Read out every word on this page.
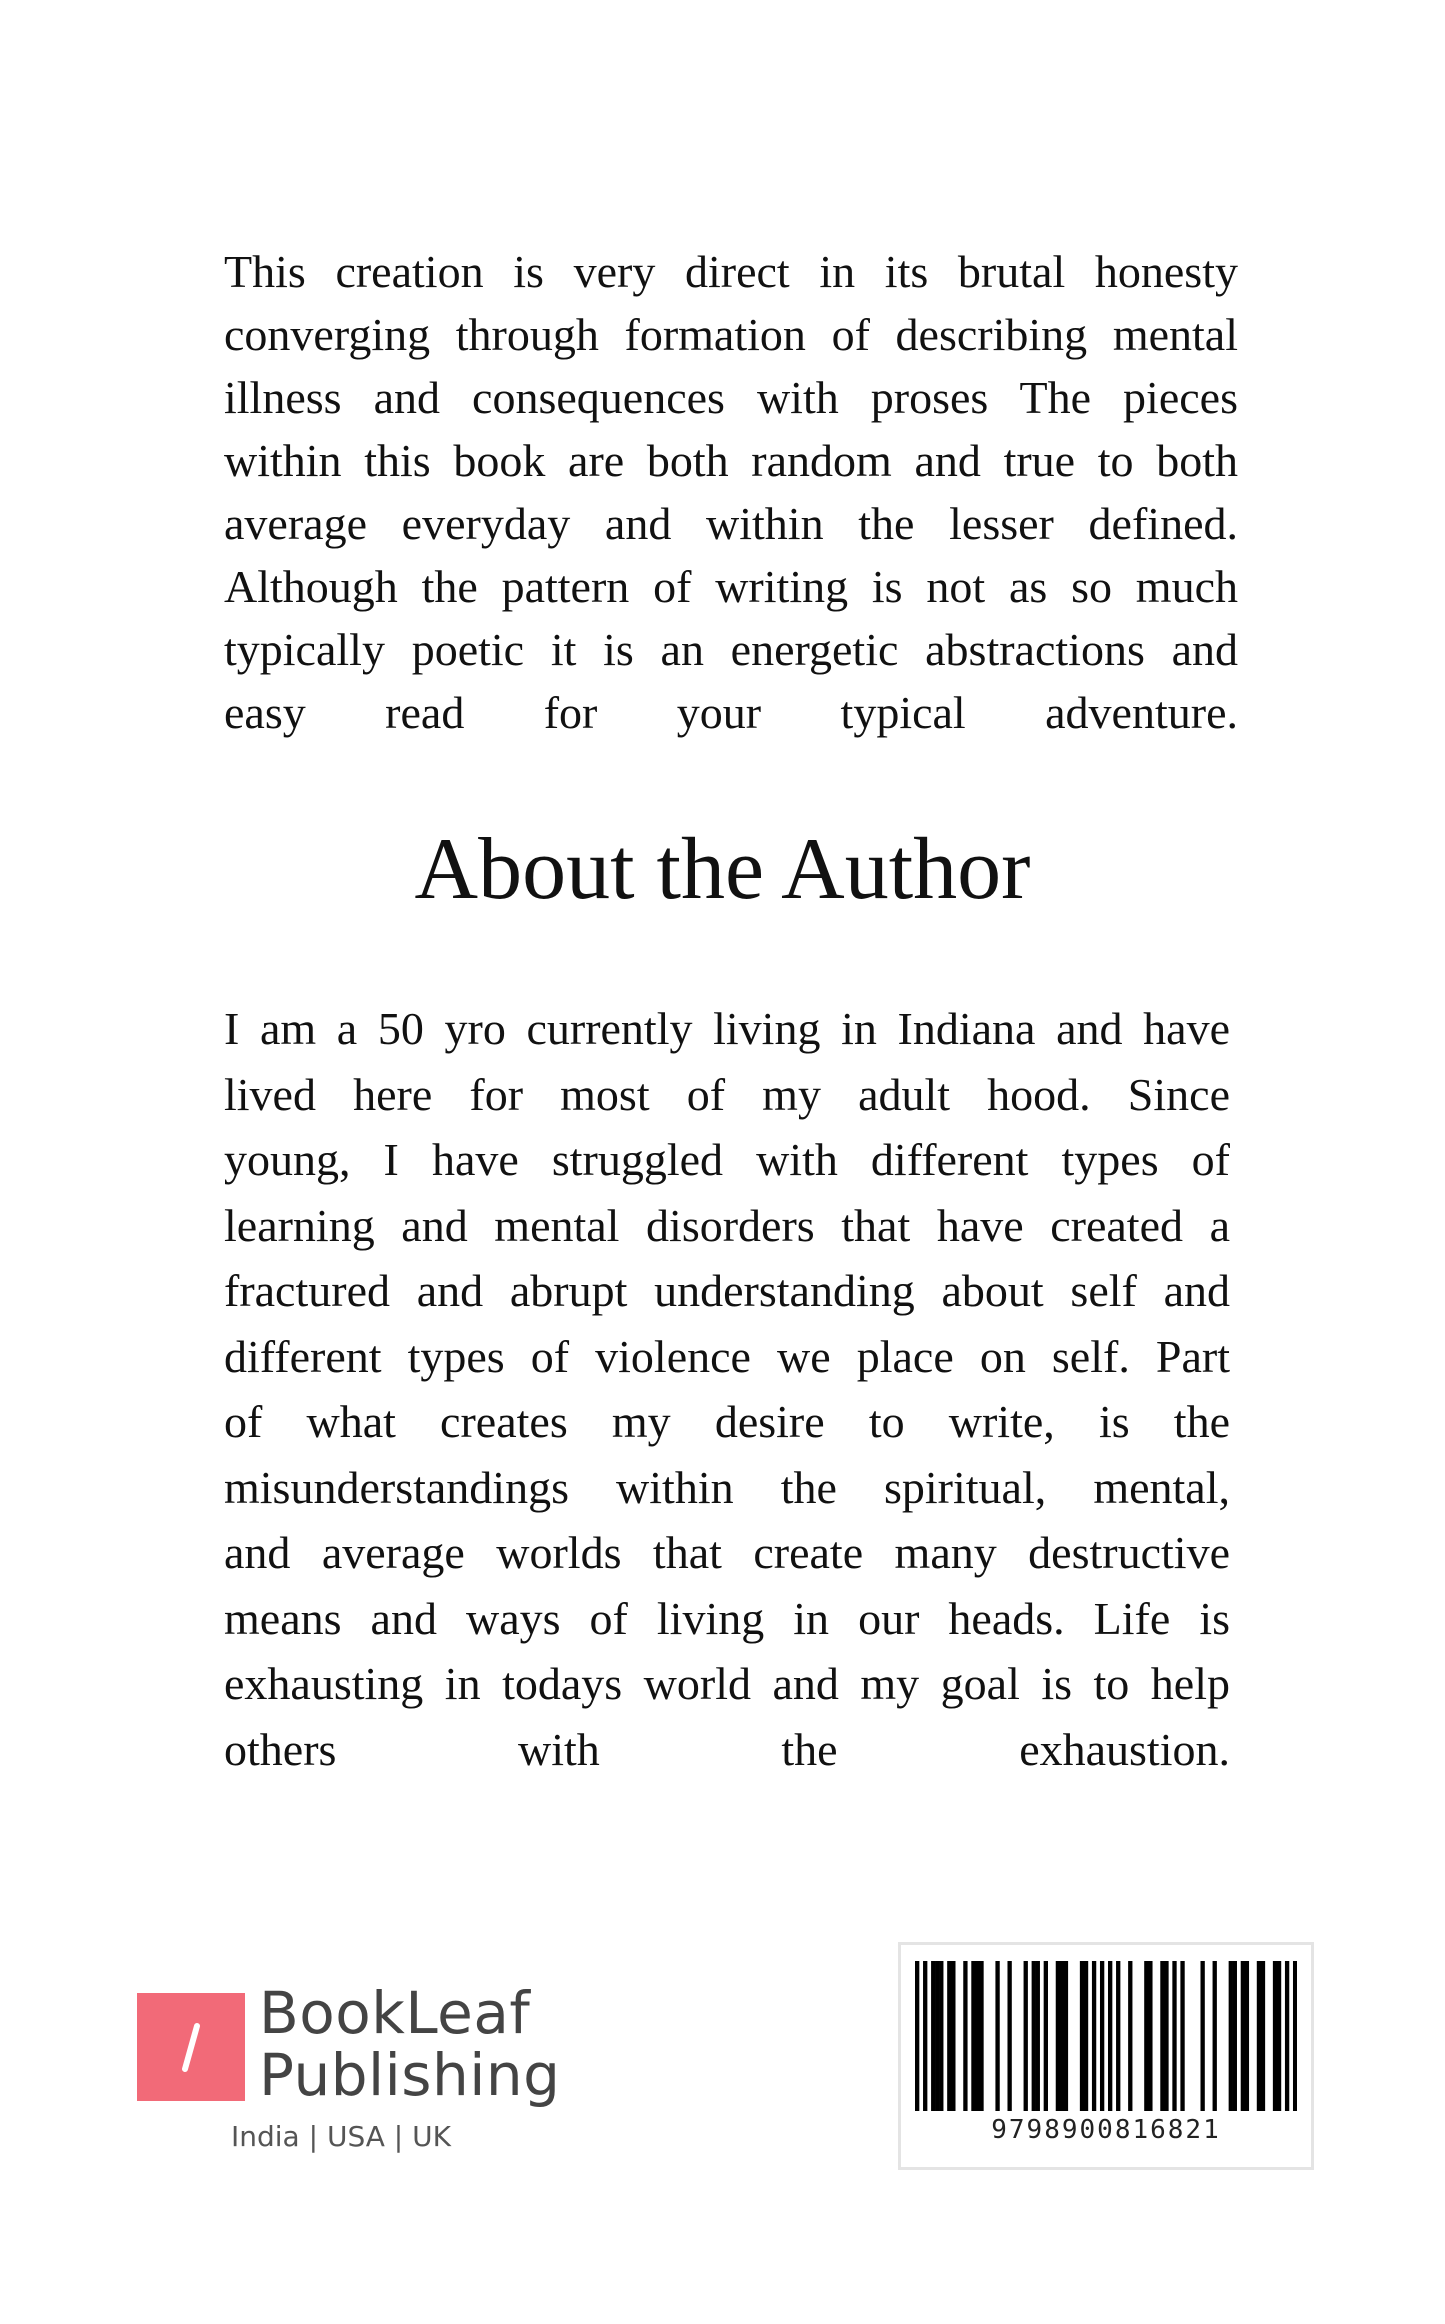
This creation is very direct in its brutal honesty
converging through formation of describing mental
illness and consequences with proses The pieces
within this book are both random and true to both
average everyday and within the lesser defined.
Although the pattern of writing is not as so much
typically poetic it is an energetic abstractions and
easy read for your typical adventure.
About the Author
I am a 50 yro currently living in Indiana and have
lived here for most of my adult hood. Since
young, I have struggled with different types of
learning and mental disorders that have created a
fractured and abrupt understanding about self and
different types of violence we place on self. Part
of what creates my desire to write, is the
misunderstandings within the spiritual, mental,
and average worlds that create many destructive
means and ways of living in our heads. Life is
exhausting in todays world and my goal is to help
others with the exhaustion.
BookLeaf
Publishing
India | USA | UK	9798900816821
